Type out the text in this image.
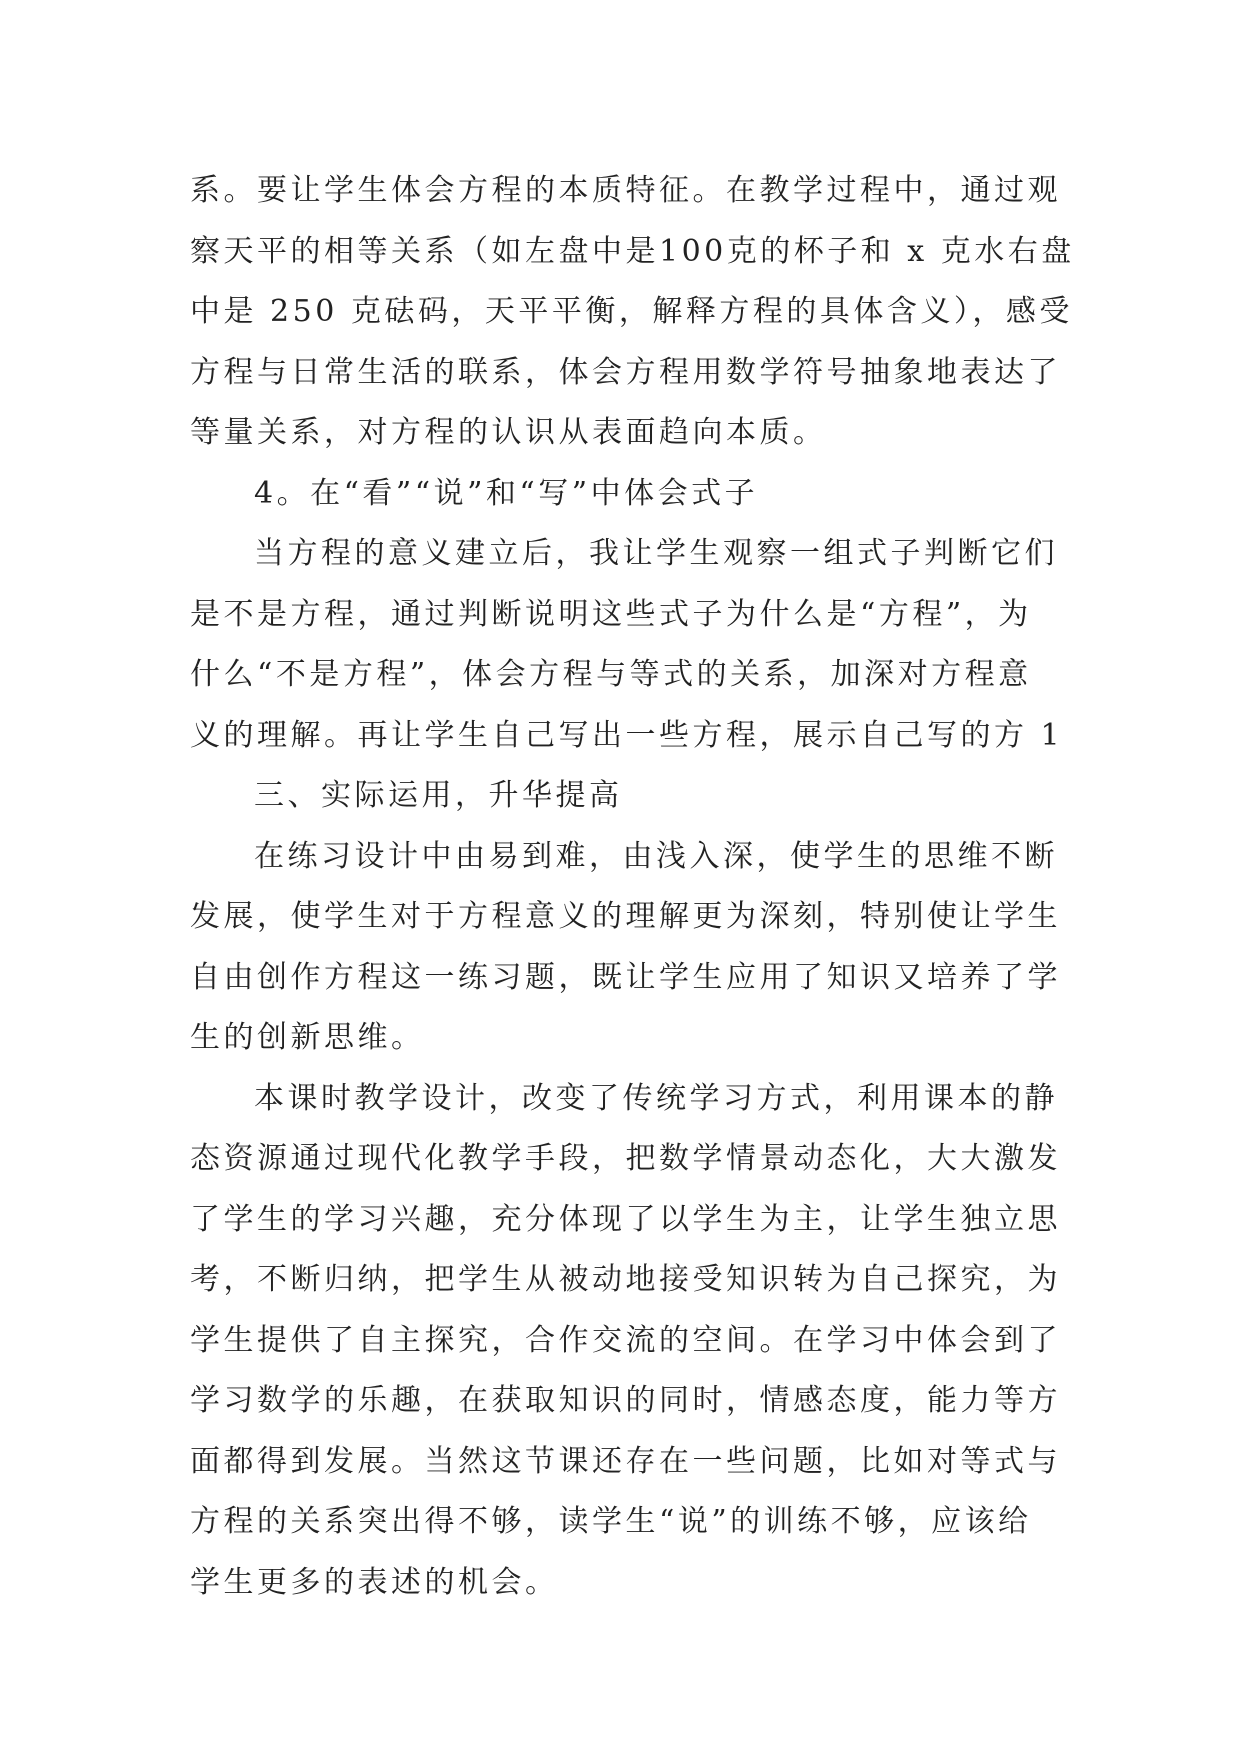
系。要让学生体会方程的本质特征。在教学过程中，通过观

察天平的相等关系（如左盘中是100克的杯子和 x 克水右盘

中是 250 克砝码，天平平衡，解释方程的具体含义），感受

方程与日常生活的联系，体会方程用数学符号抽象地表达了

等量关系，对方程的认识从表面趋向本质。

4。在“看”“说”和“写”中体会式子

当方程的意义建立后，我让学生观察一组式子判断它们

是不是方程，通过判断说明这些式子为什么是“方程”，为

什么“不是方程”，体会方程与等式的关系，加深对方程意

义的理解。再让学生自己写出一些方程，展示自己写的方 1

三、实际运用，升华提高

在练习设计中由易到难，由浅入深，使学生的思维不断

发展，使学生对于方程意义的理解更为深刻，特别使让学生

自由创作方程这一练习题，既让学生应用了知识又培养了学

生的创新思维。

本课时教学设计，改变了传统学习方式，利用课本的静

态资源通过现代化教学手段，把数学情景动态化，大大激发

了学生的学习兴趣，充分体现了以学生为主，让学生独立思

考，不断归纳，把学生从被动地接受知识转为自己探究，为

学生提供了自主探究，合作交流的空间。在学习中体会到了

学习数学的乐趣，在获取知识的同时，情感态度，能力等方

面都得到发展。当然这节课还存在一些问题，比如对等式与

方程的关系突出得不够，读学生“说”的训练不够，应该给

学生更多的表述的机会。
